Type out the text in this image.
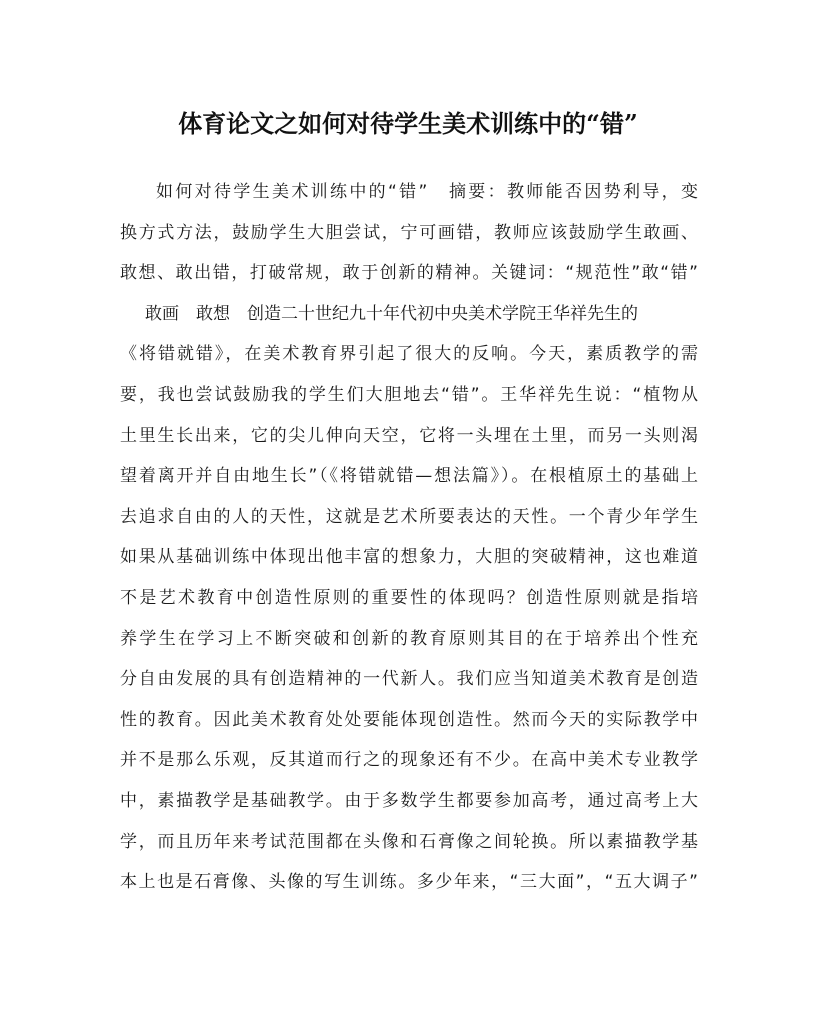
体育论文之如何对待学生美术训练中的“错”
如何对待学生美术训练中的“错”　摘要：教师能否因势利导，变
换方式方法，鼓励学生大胆尝试，宁可画错，教师应该鼓励学生敢画、
敢想、敢出错，打破常规，敢于创新的精神。关键词：“规范性”敢“错”
敢画　敢想　创造二十世纪九十年代初中央美术学院王华祥先生的
《将错就错》，在美术教育界引起了很大的反响。今天，素质教学的需
要，我也尝试鼓励我的学生们大胆地去“错”。王华祥先生说：“植物从
土里生长出来，它的尖儿伸向天空，它将一头埋在土里，而另一头则渴
望着离开并自由地生长”（《将错就错—想法篇》）。在根植原土的基础上
去追求自由的人的天性，这就是艺术所要表达的天性。一个青少年学生
如果从基础训练中体现出他丰富的想象力，大胆的突破精神，这也难道
不是艺术教育中创造性原则的重要性的体现吗？创造性原则就是指培
养学生在学习上不断突破和创新的教育原则其目的在于培养出个性充
分自由发展的具有创造精神的一代新人。我们应当知道美术教育是创造
性的教育。因此美术教育处处要能体现创造性。然而今天的实际教学中
并不是那么乐观，反其道而行之的现象还有不少。在高中美术专业教学
中，素描教学是基础教学。由于多数学生都要参加高考，通过高考上大
学，而且历年来考试范围都在头像和石膏像之间轮换。所以素描教学基
本上也是石膏像、头像的写生训练。多少年来，“三大面”，“五大调子”
